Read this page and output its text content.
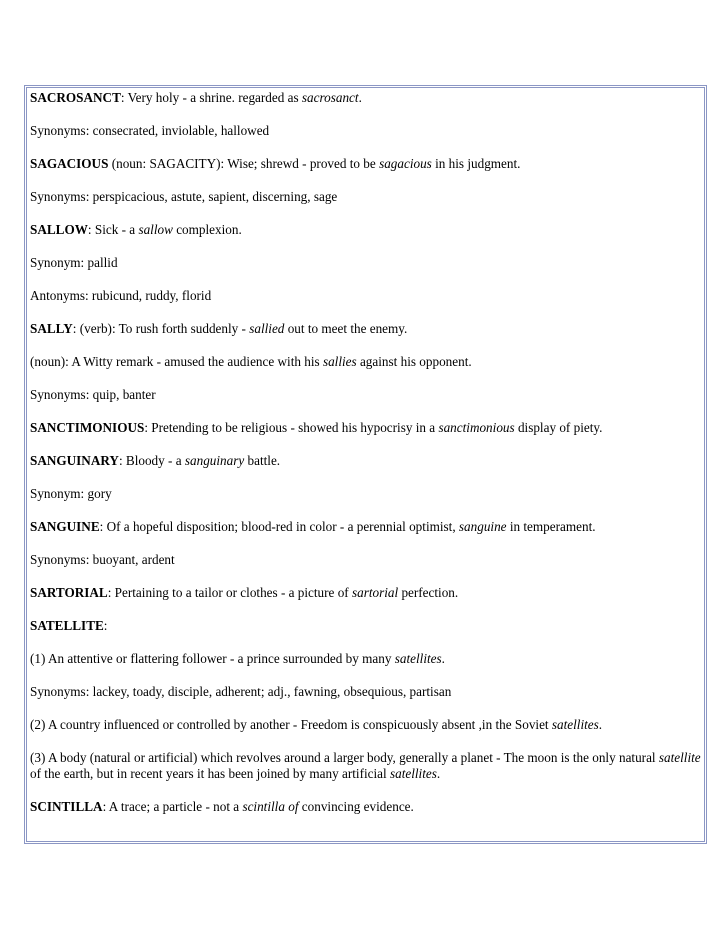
SACROSANCT: Very holy - a shrine. regarded as sacrosanct.

Synonyms: consecrated, inviolable, hallowed

SAGACIOUS (noun: SAGACITY): Wise; shrewd - proved to be sagacious in his judgment.

Synonyms: perspicacious, astute, sapient, discerning, sage

SALLOW: Sick - a sallow complexion.

Synonym: pallid

Antonyms: rubicund, ruddy, florid

SALLY: (verb): To rush forth suddenly - sallied out to meet the enemy.

(noun): A Witty remark - amused the audience with his sallies against his opponent.

Synonyms: quip, banter

SANCTIMONIOUS: Pretending to be religious - showed his hypocrisy in a sanctimonious display of piety.

SANGUINARY: Bloody - a sanguinary battle.

Synonym: gory

SANGUINE: Of a hopeful disposition; blood-red in color - a perennial optimist, sanguine in temperament.

Synonyms: buoyant, ardent

SARTORIAL: Pertaining to a tailor or clothes - a picture of sartorial perfection.

SATELLITE:

(1) An attentive or flattering follower - a prince surrounded by many satellites.

Synonyms: lackey, toady, disciple, adherent; adj., fawning, obsequious, partisan

(2) A country influenced or controlled by another - Freedom is conspicuously absent ,in the Soviet satellites.

(3) A body (natural or artificial) which revolves around a larger body, generally a planet - The moon is the only natural satellite of the earth, but in recent years it has been joined by many artificial satellites.

SCINTILLA: A trace; a particle - not a scintilla of convincing evidence.
